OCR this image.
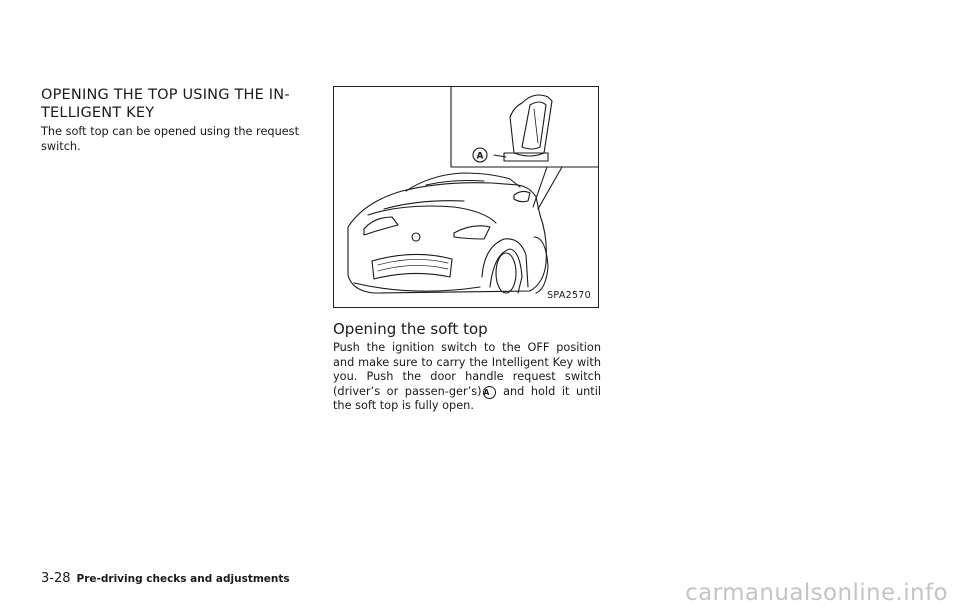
OPENING THE TOP USING THE IN-TELLIGENT KEY

The soft top can be opened using the request switch.

A
SPA2570
Opening the soft top

Push the ignition switch to the OFF position and make sure to carry the Intelligent Key with you. Push the door handle request switch (driver’s or passen-ger’s) A and hold it until the soft top is fully open.

3-28 Pre-driving checks and adjustments
carmanualsonline.info
